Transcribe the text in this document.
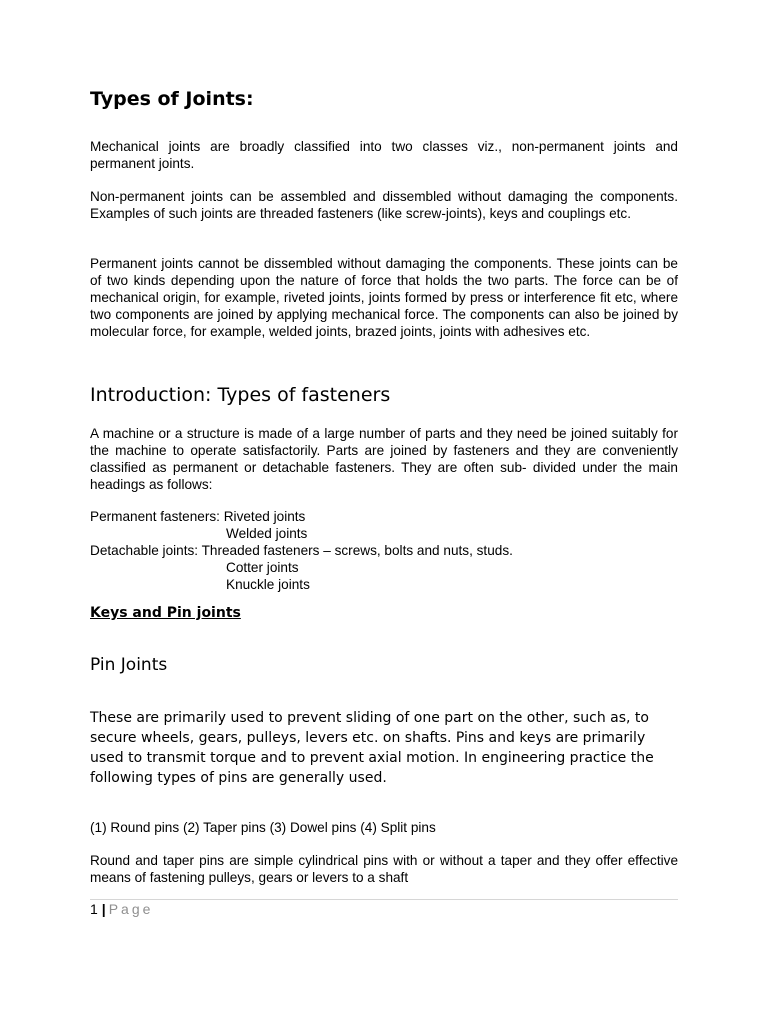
Types of Joints:

Mechanical joints are broadly classified into two classes viz., non-permanent joints and permanent joints.

Non-permanent joints can be assembled and dissembled without damaging the components. Examples of such joints are threaded fasteners (like screw-joints), keys and couplings etc.

Permanent joints cannot be dissembled without damaging the components. These joints can be of two kinds depending upon the nature of force that holds the two parts. The force can be of mechanical origin, for example, riveted joints, joints formed by press or interference fit etc, where two components are joined by applying mechanical force. The components can also be joined by molecular force, for example, welded joints, brazed joints, joints with adhesives etc.

Introduction: Types of fasteners

A machine or a structure is made of a large number of parts and they need be joined suitably for the machine to operate satisfactorily. Parts are joined by fasteners and they are conveniently classified as permanent or detachable fasteners. They are often sub- divided under the main headings as follows:

Permanent fasteners: Riveted joints
Welded joints
Detachable joints: Threaded fasteners – screws, bolts and nuts, studs.
Cotter joints
Knuckle joints
Keys and Pin joints
Pin Joints

These are primarily used to prevent sliding of one part on the other, such as, to secure wheels, gears, pulleys, levers etc. on shafts. Pins and keys are primarily used to transmit torque and to prevent axial motion. In engineering practice the following types of pins are generally used.

(1) Round pins (2) Taper pins (3) Dowel pins (4) Split pins

Round and taper pins are simple cylindrical pins with or without a taper and they offer effective means of fastening pulleys, gears or levers to a shaft

1 | Page
